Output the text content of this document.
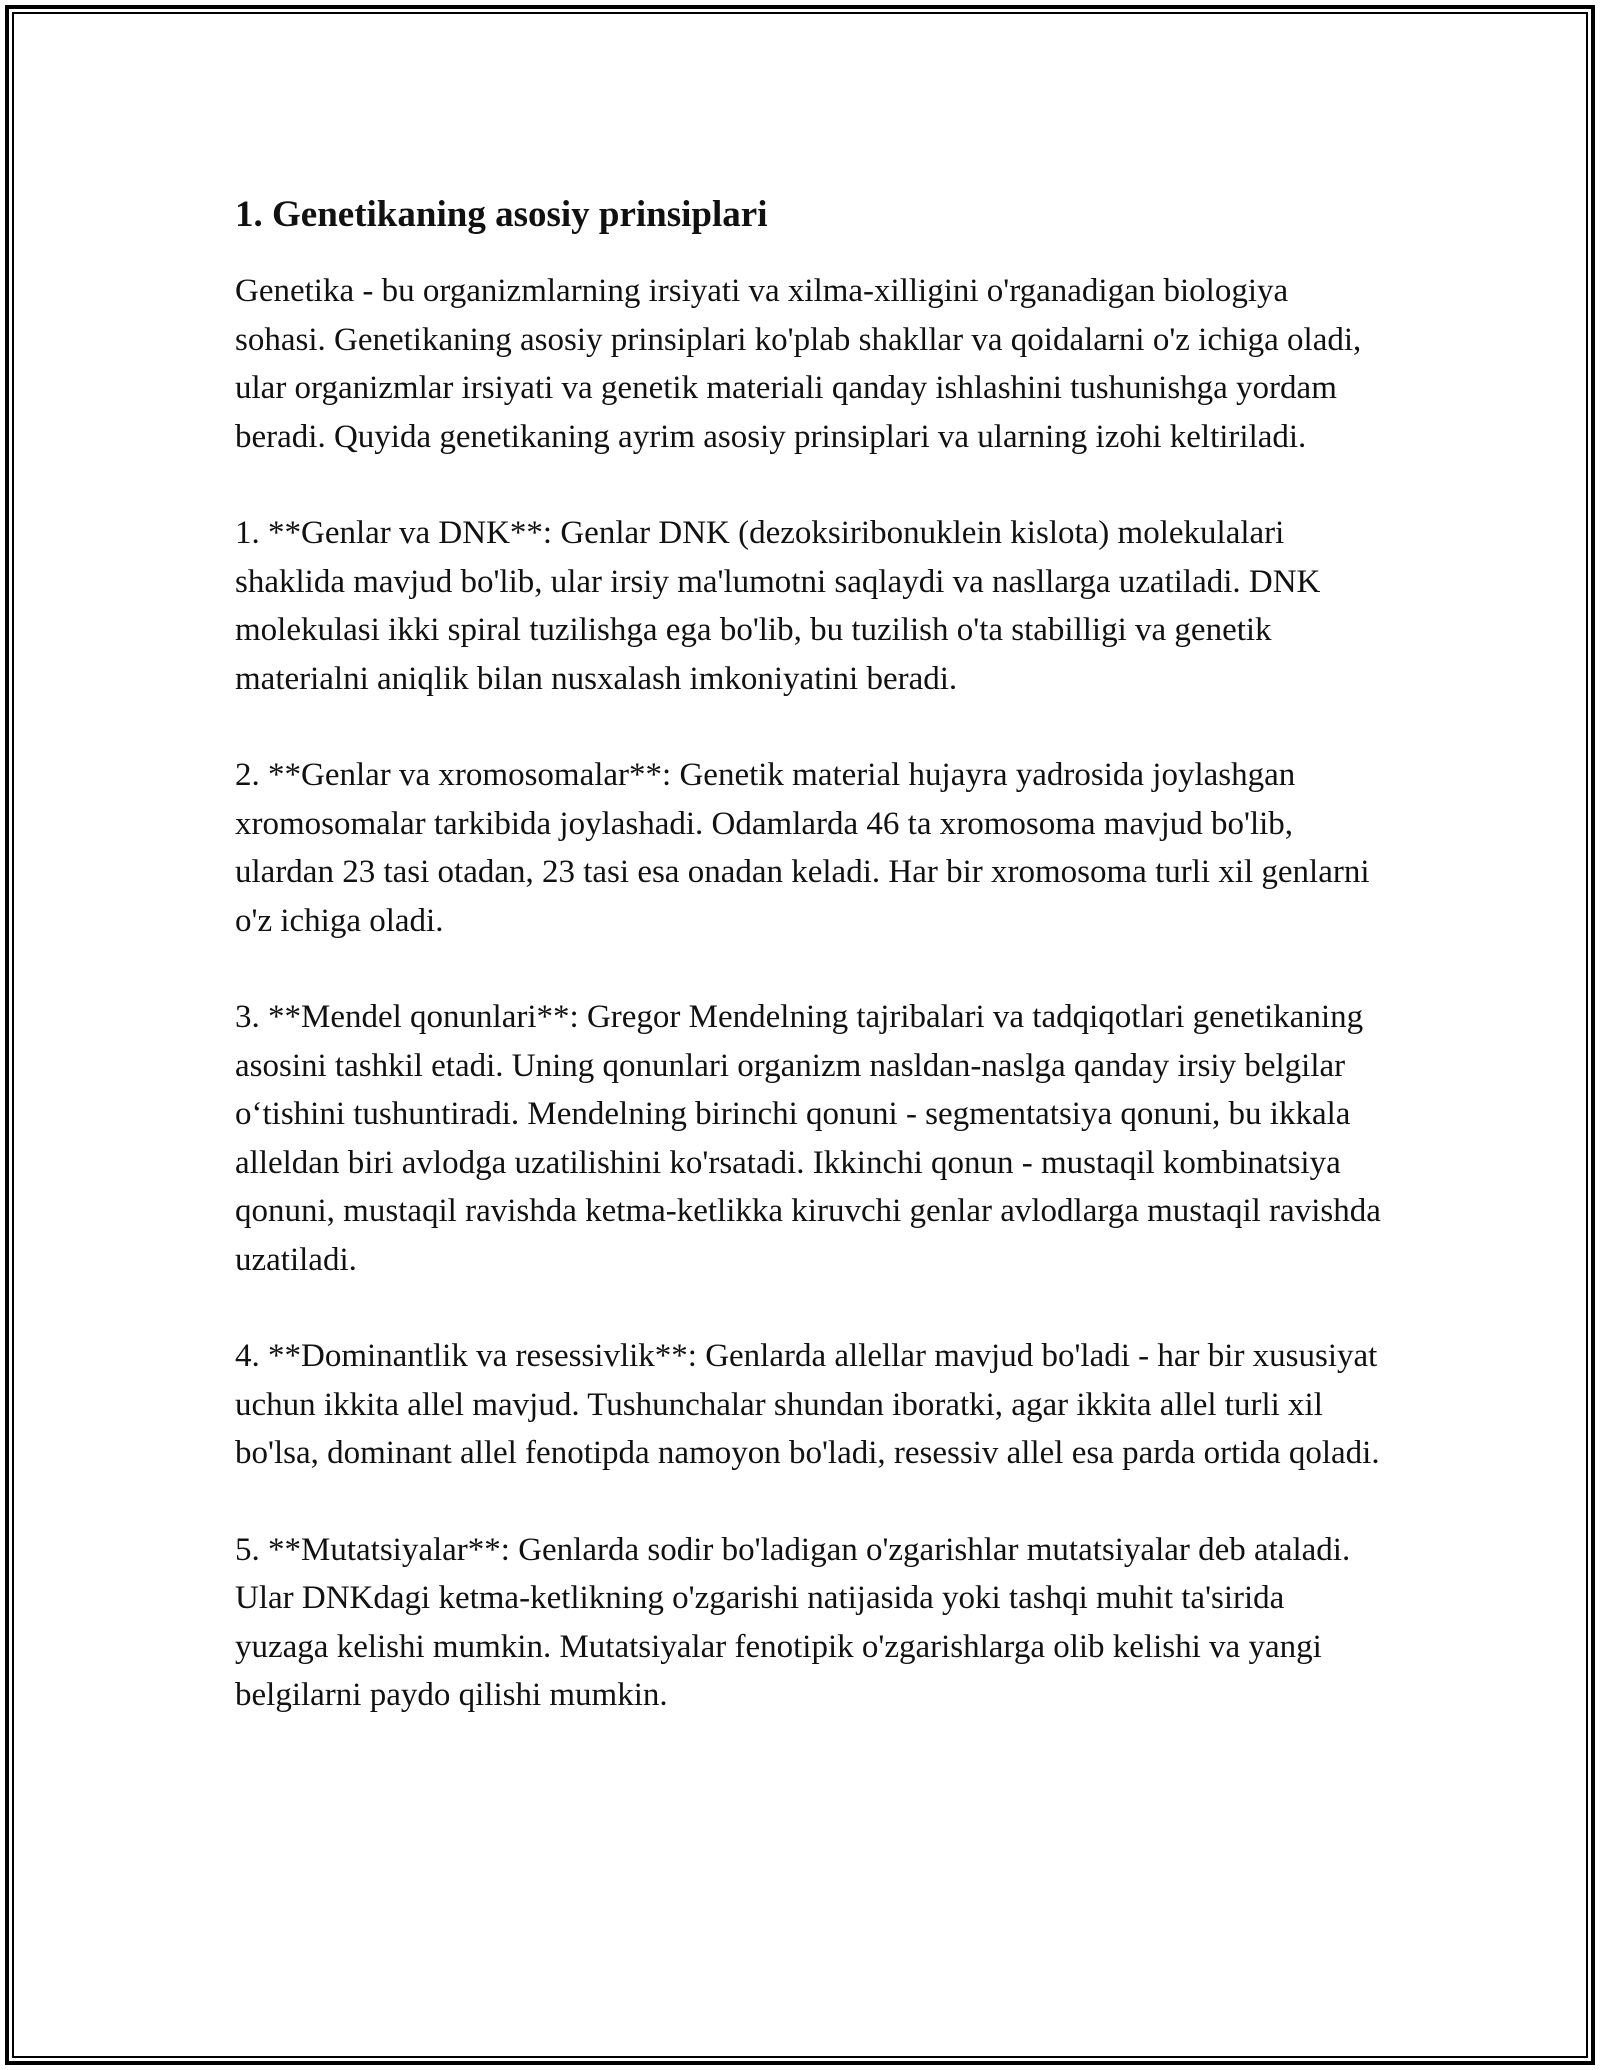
1. Genetikaning asosiy prinsiplari

Genetika - bu organizmlarning irsiyati va xilma-xilligini o'rganadigan biologiya sohasi. Genetikaning asosiy prinsiplari ko'plab shakllar va qoidalarni o'z ichiga oladi, ular organizmlar irsiyati va genetik materiali qanday ishlashini tushunishga yordam beradi. Quyida genetikaning ayrim asosiy prinsiplari va ularning izohi keltiriladi.

1. **Genlar va DNK**: Genlar DNK (dezoksiribonuklein kislota) molekulalari shaklida mavjud bo'lib, ular irsiy ma'lumotni saqlaydi va nasllarga uzatiladi. DNK molekulasi ikki spiral tuzilishga ega bo'lib, bu tuzilish o'ta stabilligi va genetik materialni aniqlik bilan nusxalash imkoniyatini beradi.

2. **Genlar va xromosomalar**: Genetik material hujayra yadrosida joylashgan xromosomalar tarkibida joylashadi. Odamlarda 46 ta xromosoma mavjud bo'lib, ulardan 23 tasi otadan, 23 tasi esa onadan keladi. Har bir xromosoma turli xil genlarni o'z ichiga oladi.

3. **Mendel qonunlari**: Gregor Mendelning tajribalari va tadqiqotlari genetikaning asosini tashkil etadi. Uning qonunlari organizm nasldan-naslga qanday irsiy belgilar o‘tishini tushuntiradi. Mendelning birinchi qonuni - segmentatsiya qonuni, bu ikkala alleldan biri avlodga uzatilishini ko'rsatadi. Ikkinchi qonun - mustaqil kombinatsiya qonuni, mustaqil ravishda ketma-ketlikka kiruvchi genlar avlodlarga mustaqil ravishda uzatiladi.

4. **Dominantlik va resessivlik**: Genlarda allellar mavjud bo'ladi - har bir xususiyat uchun ikkita allel mavjud. Tushunchalar shundan iboratki, agar ikkita allel turli xil bo'lsa, dominant allel fenotipda namoyon bo'ladi, resessiv allel esa parda ortida qoladi.

5. **Mutatsiyalar**: Genlarda sodir bo'ladigan o'zgarishlar mutatsiyalar deb ataladi. Ular DNKdagi ketma-ketlikning o'zgarishi natijasida yoki tashqi muhit ta'sirida yuzaga kelishi mumkin. Mutatsiyalar fenotipik o'zgarishlarga olib kelishi va yangi belgilarni paydo qilishi mumkin.
